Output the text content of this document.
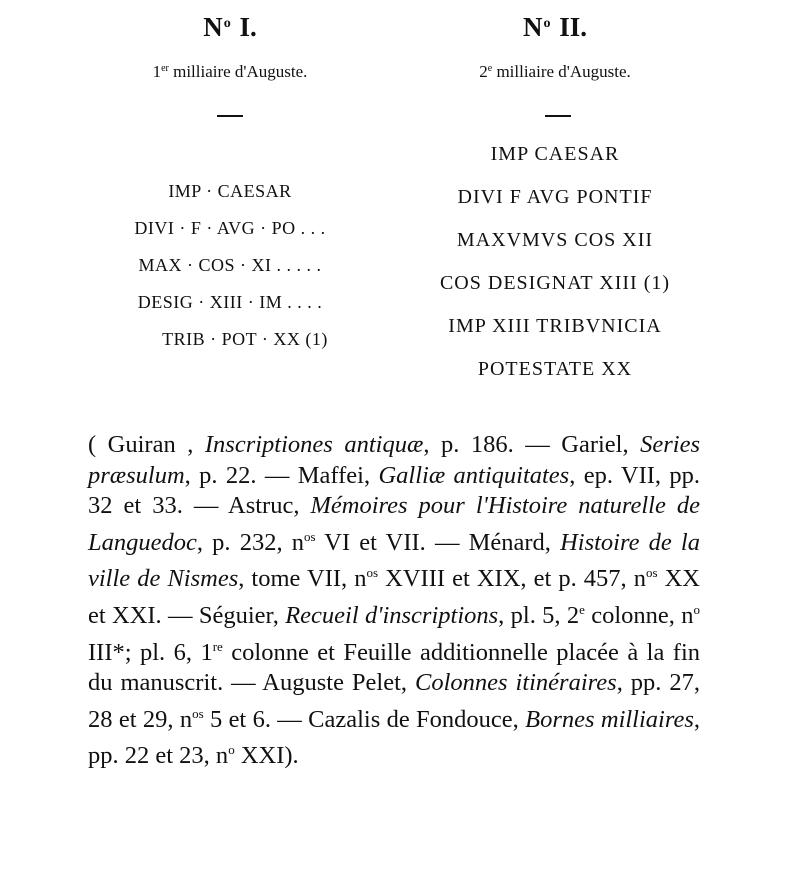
$N^o$ I.
1er milliaire d'Auguste.
IMP · CAESAR
DIVI · F · AVG · PO . . .
MAX · COS · XI . . . . .
DESIG · XIII · IM . . . .
TRIB · POT · XX (1)
$N^o$ II.
2e milliaire d'Auguste.
IMP CAESAR
DIVI F AVG PONTIF
MAXVMVS COS XII
COS DESIGNAT XIII (1)
IMP XIII TRIBVNICIA
POTESTATE XX
( Guiran , Inscriptiones antiquæ, p. 186. — Gariel, Series præsulum, p. 22. — Maffei, Galliæ antiquitates, ep. VII, pp. 32 et 33. — Astruc, Mémoires pour l'Histoire naturelle de Languedoc, p. 232, $n^{os}$ VI et VII. — Ménard, Histoire de la ville de Nismes, tome VII, $n^{os}$ XVIII et XIX, et p. 457, $n^{os}$ XX et XXI. — Séguier, Recueil d'inscriptions, pl. 5, 2e colonne, $n^o$ III*; pl. 6, 1re colonne et Feuille additionnelle placée à la fin du manuscrit. — Auguste Pelet, Colonnes itinéraires, pp. 27, 28 et 29, $n^{os}$ 5 et 6. — Cazalis de Fondouce, Bornes milliaires, pp. 22 et 23, $n^o$ XXI).
